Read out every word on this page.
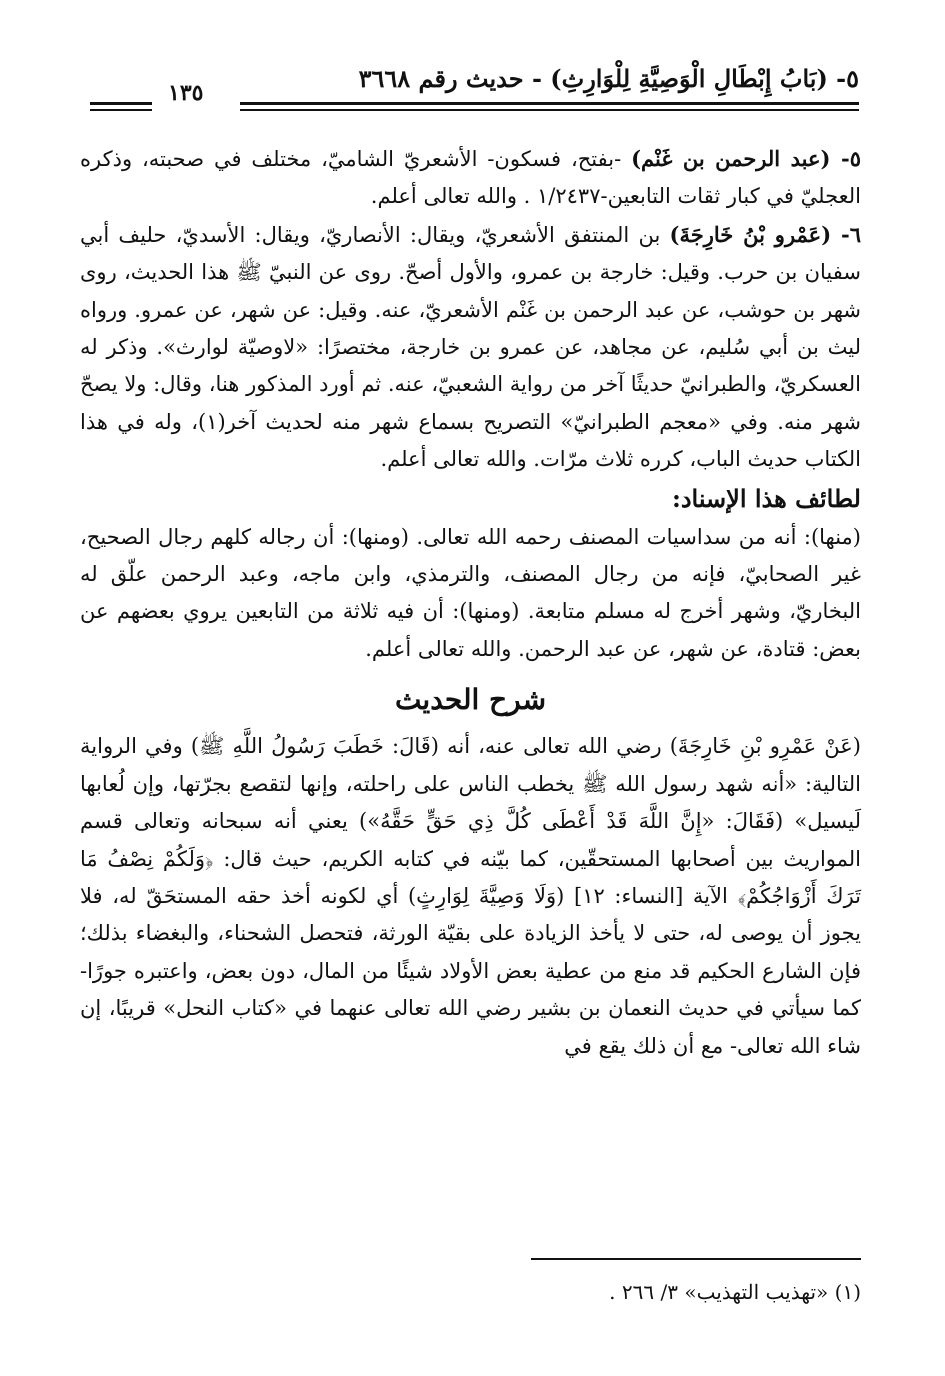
٥- (بَابُ إِبْطَالِ الْوَصِيَّةِ لِلْوَارِثِ) - حديث رقم ٣٦٦٨
١٣٥

٥- (عبد الرحمن بن غَنْم) -بفتح، فسكون- الأشعريّ الشاميّ، مختلف في صحبته، وذكره العجليّ في كبار ثقات التابعين-١/٢٤٣٧ . والله تعالى أعلم.

٦- (عَمْرو بْنُ خَارِجَةَ) بن المنتفق الأشعريّ، ويقال: الأنصاريّ، ويقال: الأسديّ، حليف أبي سفيان بن حرب. وقيل: خارجة بن عمرو، والأول أصحّ. روى عن النبيّ ﷺ هذا الحديث، روى شهر بن حوشب، عن عبد الرحمن بن غَنْم الأشعريّ، عنه. وقيل: عن شهر، عن عمرو. ورواه ليث بن أبي سُليم، عن مجاهد، عن عمرو بن خارجة، مختصرًا: «لاوصيّة لوارث». وذكر له العسكريّ، والطبرانيّ حديثًا آخر من رواية الشعبيّ، عنه. ثم أورد المذكور هنا، وقال: ولا يصحّ شهر منه. وفي «معجم الطبرانيّ» التصريح بسماع شهر منه لحديث آخر(١)، وله في هذا الكتاب حديث الباب، كرره ثلاث مرّات. والله تعالى أعلم.

لطائف هذا الإسناد:

(منها): أنه من سداسيات المصنف رحمه الله تعالى. (ومنها): أن رجاله كلهم رجال الصحيح، غير الصحابيّ، فإنه من رجال المصنف، والترمذي، وابن ماجه، وعبد الرحمن علّق له البخاريّ، وشهر أخرج له مسلم متابعة. (ومنها): أن فيه ثلاثة من التابعين يروي بعضهم عن بعض: قتادة، عن شهر، عن عبد الرحمن. والله تعالى أعلم.

شرح الحديث

(عَنْ عَمْرِو بْنِ خَارِجَةَ) رضي الله تعالى عنه، أنه (قَالَ: خَطَبَ رَسُولُ اللَّهِ ﷺ) وفي الرواية التالية: «أنه شهد رسول الله ﷺ يخطب الناس على راحلته، وإنها لتقصع بجرّتها، وإن لُعابها لَيسيل» (فَقَالَ: «إِنَّ اللَّهَ قَدْ أَعْطَى كُلَّ ذِي حَقٍّ حَقَّهُ») يعني أنه سبحانه وتعالى قسم المواريث بين أصحابها المستحقّين، كما بيّنه في كتابه الكريم، حيث قال: ﴿وَلَكُمْ نِصْفُ مَا تَرَكَ أَزْوَاجُكُمْ﴾ الآية [النساء: ١٢] (وَلَا وَصِيَّةَ لِوَارِثٍ) أي لكونه أخذ حقه المستحَقّ له، فلا يجوز أن يوصى له، حتى لا يأخذ الزيادة على بقيّة الورثة، فتحصل الشحناء، والبغضاء بذلك؛ فإن الشارع الحكيم قد منع من عطية بعض الأولاد شيئًا من المال، دون بعض، واعتبره جورًا-كما سيأتي في حديث النعمان بن بشير رضي الله تعالى عنهما في «كتاب النحل» قريبًا، إن شاء الله تعالى- مع أن ذلك يقع في

(١) «تهذيب التهذيب» ٣/ ٢٦٦ .
